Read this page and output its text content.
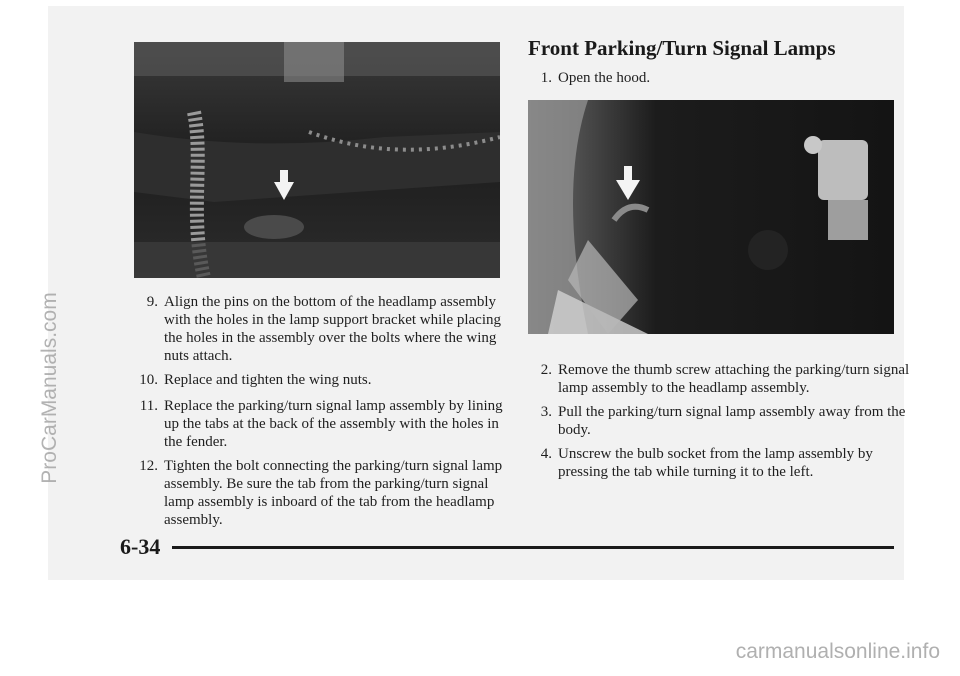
Front Parking/Turn Signal Lamps

1. Open the hood.

9. Align the pins on the bottom of the headlamp assembly with the holes in the lamp support bracket while placing the holes in the assembly over the bolts where the wing nuts attach.

10. Replace and tighten the wing nuts.

11. Replace the parking/turn signal lamp assembly by lining up the tabs at the back of the assembly with the holes in the fender.

12. Tighten the bolt connecting the parking/turn signal lamp assembly. Be sure the tab from the parking/turn signal lamp assembly is inboard of the tab from the headlamp assembly.

2. Remove the thumb screw attaching the parking/turn signal lamp assembly to the headlamp assembly.

3. Pull the parking/turn signal lamp assembly away from the body.

4. Unscrew the bulb socket from the lamp assembly by pressing the tab while turning it to the left.

6-34

ProCarManuals.com

carmanualsonline.info
